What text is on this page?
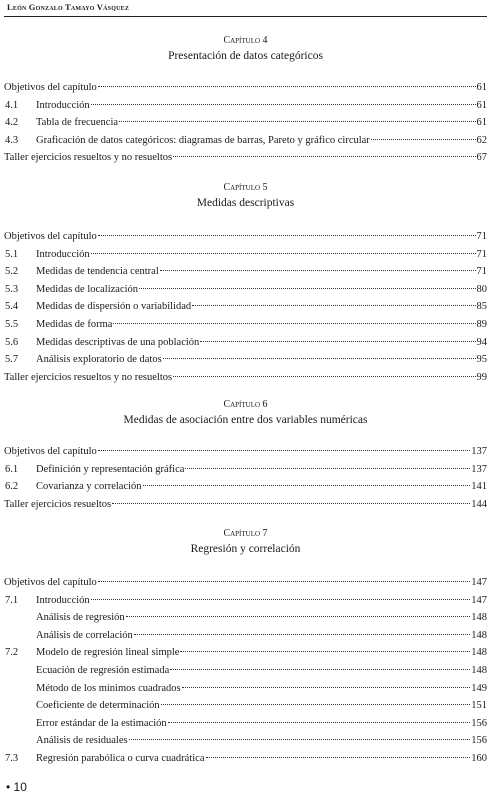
León Gonzalo Tamayo Vásquez
Capítulo 4
Presentación de datos categóricos
Objetivos del capítulo	61
4.1	Introducción	61
4.2	Tabla de frecuencia	61
4.3	Graficación de datos categóricos: diagramas de barras, Pareto y gráfico circular	62
Taller ejercicios resueltos y no resueltos	67
Capítulo 5
Medidas descriptivas
Objetivos del capítulo	71
5.1	Introducción	71
5.2	Medidas de tendencia central	71
5.3	Medidas de localización	80
5.4	Medidas de dispersión o variabilidad	85
5.5	Medidas de forma	89
5.6	Medidas descriptivas de una población	94
5.7	Análisis exploratorio de datos	95
Taller ejercicios resueltos y no resueltos	99
Capítulo 6
Medidas de asociación entre dos variables numéricas
Objetivos del capítulo	137
6.1	Definición y representación gráfica	137
6.2	Covarianza y correlación	141
Taller ejercicios resueltos	144
Capítulo 7
Regresión y correlación
Objetivos del capítulo	147
7.1	Introducción	147
Análisis de regresión	148
Análisis de correlación	148
7.2	Modelo de regresión lineal simple	148
Ecuación de regresión estimada	148
Método de los mínimos cuadrados	149
Coeficiente de determinación	151
Error estándar de la estimación	156
Análisis de residuales	156
7.3	Regresión parabólica o curva cuadrática	160
• 10
